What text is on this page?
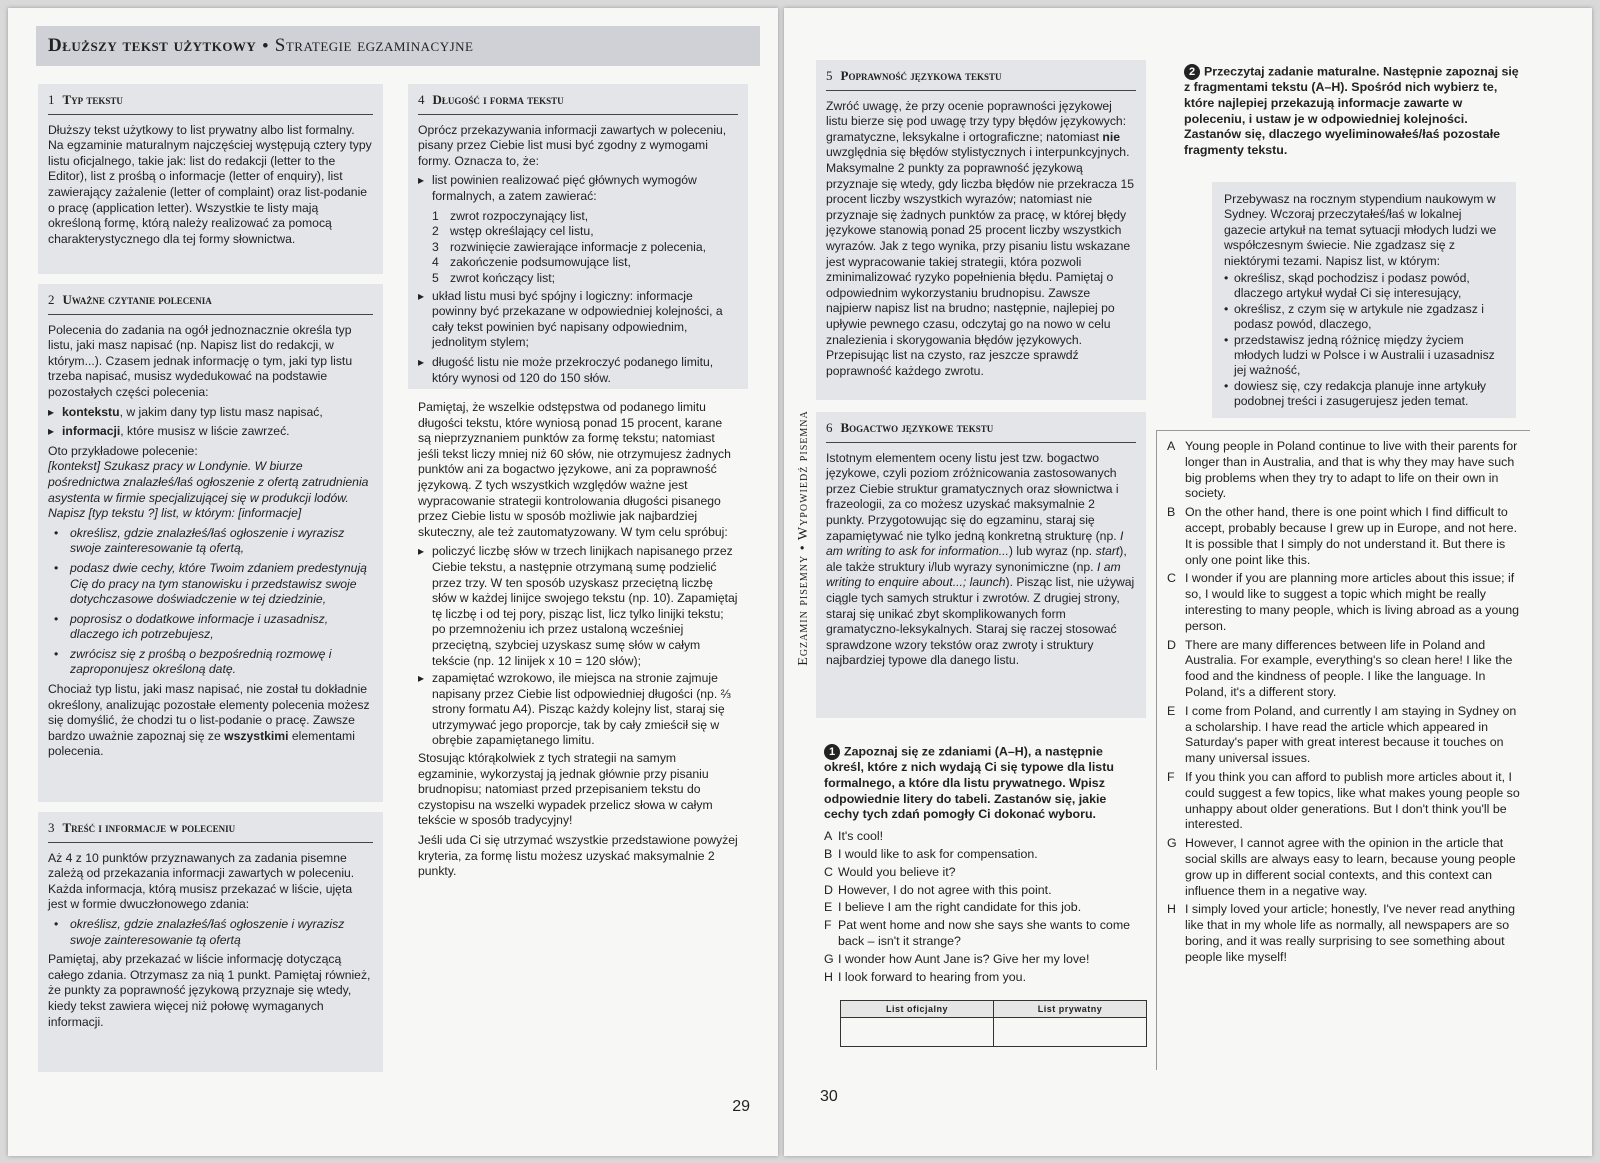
Dłuższy tekst użytkowy • Strategie egzaminacyjne
1 Typ tekstu

Dłuższy tekst użytkowy to list prywatny albo list formalny. Na egzaminie maturalnym najczęściej występują cztery typy listu oficjalnego, takie jak: list do redakcji (letter to the Editor), list z prośbą o informacje (letter of enquiry), list zawierający zażalenie (letter of complaint) oraz list-podanie o pracę (application letter). Wszystkie te listy mają określoną formę, którą należy realizować za pomocą charakterystycznego dla tej formy słownictwa.

2 Uważne czytanie polecenia

Polecenia do zadania na ogół jednoznacznie określa typ listu, jaki masz napisać (np. Napisz list do redakcji, w którym...). Czasem jednak informację o tym, jaki typ listu trzeba napisać, musisz wydedukować na podstawie pozostałych części polecenia:

▸ kontekstu, w jakim dany typ listu masz napisać,

▸ informacji, które musisz w liście zawrzeć.

Oto przykładowe polecenie:

[kontekst] Szukasz pracy w Londynie. W biurze pośrednictwa znalazłeś/łaś ogłoszenie z ofertą zatrudnienia asystenta w firmie specjalizującej się w produkcji lodów. Napisz [typ tekstu ?] list, w którym: [informacje]

• określisz, gdzie znalazłeś/łaś ogłoszenie i wyrazisz swoje zainteresowanie tą ofertą,

• podasz dwie cechy, które Twoim zdaniem predestynują Cię do pracy na tym stanowisku i przedstawisz swoje dotychczasowe doświadczenie w tej dziedzinie,

• poprosisz o dodatkowe informacje i uzasadnisz, dlaczego ich potrzebujesz,

• zwrócisz się z prośbą o bezpośrednią rozmowę i zaproponujesz określoną datę.

Chociaż typ listu, jaki masz napisać, nie został tu dokładnie określony, analizując pozostałe elementy polecenia możesz się domyślić, że chodzi tu o list-podanie o pracę. Zawsze bardzo uważnie zapoznaj się ze wszystkimi elementami polecenia.

3 Treść i informacje w poleceniu

Aż 4 z 10 punktów przyznawanych za zadania pisemne zależą od przekazania informacji zawartych w poleceniu. Każda informacja, którą musisz przekazać w liście, ujęta jest w formie dwuczłonowego zdania:

• określisz, gdzie znalazłeś/łaś ogłoszenie i wyrazisz swoje zainteresowanie tą ofertą

Pamiętaj, aby przekazać w liście informację dotyczącą całego zdania. Otrzymasz za nią 1 punkt. Pamiętaj również, że punkty za poprawność językową przyznaje się wtedy, kiedy tekst zawiera więcej niż połowę wymaganych informacji.

4 Długość i forma tekstu

Oprócz przekazywania informacji zawartych w poleceniu, pisany przez Ciebie list musi być zgodny z wymogami formy. Oznacza to, że:

▸ list powinien realizować pięć głównych wymogów formalnych, a zatem zawierać:

1 zwrot rozpoczynający list,
2 wstęp określający cel listu,
3 rozwinięcie zawierające informacje z polecenia,
4 zakończenie podsumowujące list,
5 zwrot kończący list;

▸ układ listu musi być spójny i logiczny: informacje powinny być przekazane w odpowiedniej kolejności, a cały tekst powinien być napisany odpowiednim, jednolitym stylem;

▸ długość listu nie może przekroczyć podanego limitu, który wynosi od 120 do 150 słów.

Pamiętaj, że wszelkie odstępstwa od podanego limitu długości tekstu, które wyniosą ponad 15 procent, karane są nieprzyznaniem punktów za formę tekstu; natomiast jeśli tekst liczy mniej niż 60 słów, nie otrzymujesz żadnych punktów ani za bogactwo językowe, ani za poprawność językową. Z tych wszystkich względów ważne jest wypracowanie strategii kontrolowania długości pisanego przez Ciebie listu w sposób możliwie jak najbardziej skuteczny, ale też zautomatyzowany. W tym celu spróbuj:

▸ policzyć liczbę słów w trzech linijkach napisanego przez Ciebie tekstu, a następnie otrzymaną sumę podzielić przez trzy. W ten sposób uzyskasz przeciętną liczbę słów w każdej linijce swojego tekstu (np. 10). Zapamiętaj tę liczbę i od tej pory, pisząc list, licz tylko linijki tekstu; po przemnożeniu ich przez ustaloną wcześniej przeciętną, szybciej uzyskasz sumę słów w całym tekście (np. 12 linijek x 10 = 120 słów);

▸ zapamiętać wzrokowo, ile miejsca na stronie zajmuje napisany przez Ciebie list odpowiedniej długości (np. ⅔ strony formatu A4). Pisząc każdy kolejny list, staraj się utrzymywać jego proporcje, tak by cały zmieścił się w obrębie zapamiętanego limitu.

Stosując którąkolwiek z tych strategii na samym egzaminie, wykorzystaj ją jednak głównie przy pisaniu brudnopisu; natomiast przed przepisaniem tekstu do czystopisu na wszelki wypadek przelicz słowa w całym tekście w sposób tradycyjny!

Jeśli uda Ci się utrzymać wszystkie przedstawione powyżej kryteria, za formę listu możesz uzyskać maksymalnie 2 punkty.

29
Egzamin pisemny • Wypowiedź pisemna
5 Poprawność językowa tekstu

Zwróć uwagę, że przy ocenie poprawności językowej listu bierze się pod uwagę trzy typy błędów językowych: gramatyczne, leksykalne i ortograficzne; natomiast nie uwzględnia się błędów stylistycznych i interpunkcyjnych. Maksymalne 2 punkty za poprawność językową przyznaje się wtedy, gdy liczba błędów nie przekracza 15 procent liczby wszystkich wyrazów; natomiast nie przyznaje się żadnych punktów za pracę, w której błędy językowe stanowią ponad 25 procent liczby wszystkich wyrazów. Jak z tego wynika, przy pisaniu listu wskazane jest wypracowanie takiej strategii, która pozwoli zminimalizować ryzyko popełnienia błędu. Pamiętaj o odpowiednim wykorzystaniu brudnopisu. Zawsze najpierw napisz list na brudno; następnie, najlepiej po upływie pewnego czasu, odczytaj go na nowo w celu znalezienia i skorygowania błędów językowych. Przepisując list na czysto, raz jeszcze sprawdź poprawność każdego zwrotu.

6 Bogactwo językowe tekstu

Istotnym elementem oceny listu jest tzw. bogactwo językowe, czyli poziom zróżnicowania zastosowanych przez Ciebie struktur gramatycznych oraz słownictwa i frazeologii, za co możesz uzyskać maksymalnie 2 punkty. Przygotowując się do egzaminu, staraj się zapamiętywać nie tylko jedną konkretną strukturę (np. I am writing to ask for information...) lub wyraz (np. start), ale także struktury i/lub wyrazy synonimiczne (np. I am writing to enquire about...; launch). Pisząc list, nie używaj ciągle tych samych struktur i zwrotów. Z drugiej strony, staraj się unikać zbyt skomplikowanych form gramatyczno-leksykalnych. Staraj się raczej stosować sprawdzone wzory tekstów oraz zwroty i struktury najbardziej typowe dla danego listu.

1 Zapoznaj się ze zdaniami (A–H), a następnie określ, które z nich wydają Ci się typowe dla listu formalnego, a które dla listu prywatnego. Wpisz odpowiednie litery do tabeli. Zastanów się, jakie cechy tych zdań pomogły Ci dokonać wyboru.
A It's cool!
B I would like to ask for compensation.
C Would you believe it?
D However, I do not agree with this point.
E I believe I am the right candidate for this job.
F Pat went home and now she says she wants to come back – isn't it strange?
G I wonder how Aunt Jane is? Give her my love!
H I look forward to hearing from you.
List oficjalny	List prywatny

30
2 Przeczytaj zadanie maturalne. Następnie zapoznaj się z fragmentami tekstu (A–H). Spośród nich wybierz te, które najlepiej przekazują informacje zawarte w poleceniu, i ustaw je w odpowiedniej kolejności. Zastanów się, dlaczego wyeliminowałeś/łaś pozostałe fragmenty tekstu.

Przebywasz na rocznym stypendium naukowym w Sydney. Wczoraj przeczytałeś/łaś w lokalnej gazecie artykuł na temat sytuacji młodych ludzi we współczesnym świecie. Nie zgadzasz się z niektórymi tezami. Napisz list, w którym:

• określisz, skąd pochodzisz i podasz powód, dlaczego artykuł wydał Ci się interesujący,

• określisz, z czym się w artykule nie zgadzasz i podasz powód, dlaczego,

• przedstawisz jedną różnicę między życiem młodych ludzi w Polsce i w Australii i uzasadnisz jej ważność,

• dowiesz się, czy redakcja planuje inne artykuły podobnej treści i zasugerujesz jeden temat.

A Young people in Poland continue to live with their parents for longer than in Australia, and that is why they may have such big problems when they try to adapt to life on their own in society.
B On the other hand, there is one point which I find difficult to accept, probably because I grew up in Europe, and not here. It is possible that I simply do not understand it. But there is only one point like this.
C I wonder if you are planning more articles about this issue; if so, I would like to suggest a topic which might be really interesting to many people, which is living abroad as a young person.
D There are many differences between life in Poland and Australia. For example, everything's so clean here! I like the food and the kindness of people. I like the language. In Poland, it's a different story.
E I come from Poland, and currently I am staying in Sydney on a scholarship. I have read the article which appeared in Saturday's paper with great interest because it touches on many universal issues.
F If you think you can afford to publish more articles about it, I could suggest a few topics, like what makes young people so unhappy about older generations. But I don't think you'll be interested.
G However, I cannot agree with the opinion in the article that social skills are always easy to learn, because young people grow up in different social contexts, and this context can influence them in a negative way.
H I simply loved your article; honestly, I've never read anything like that in my whole life as normally, all newspapers are so boring, and it was really surprising to see something about people like myself!
